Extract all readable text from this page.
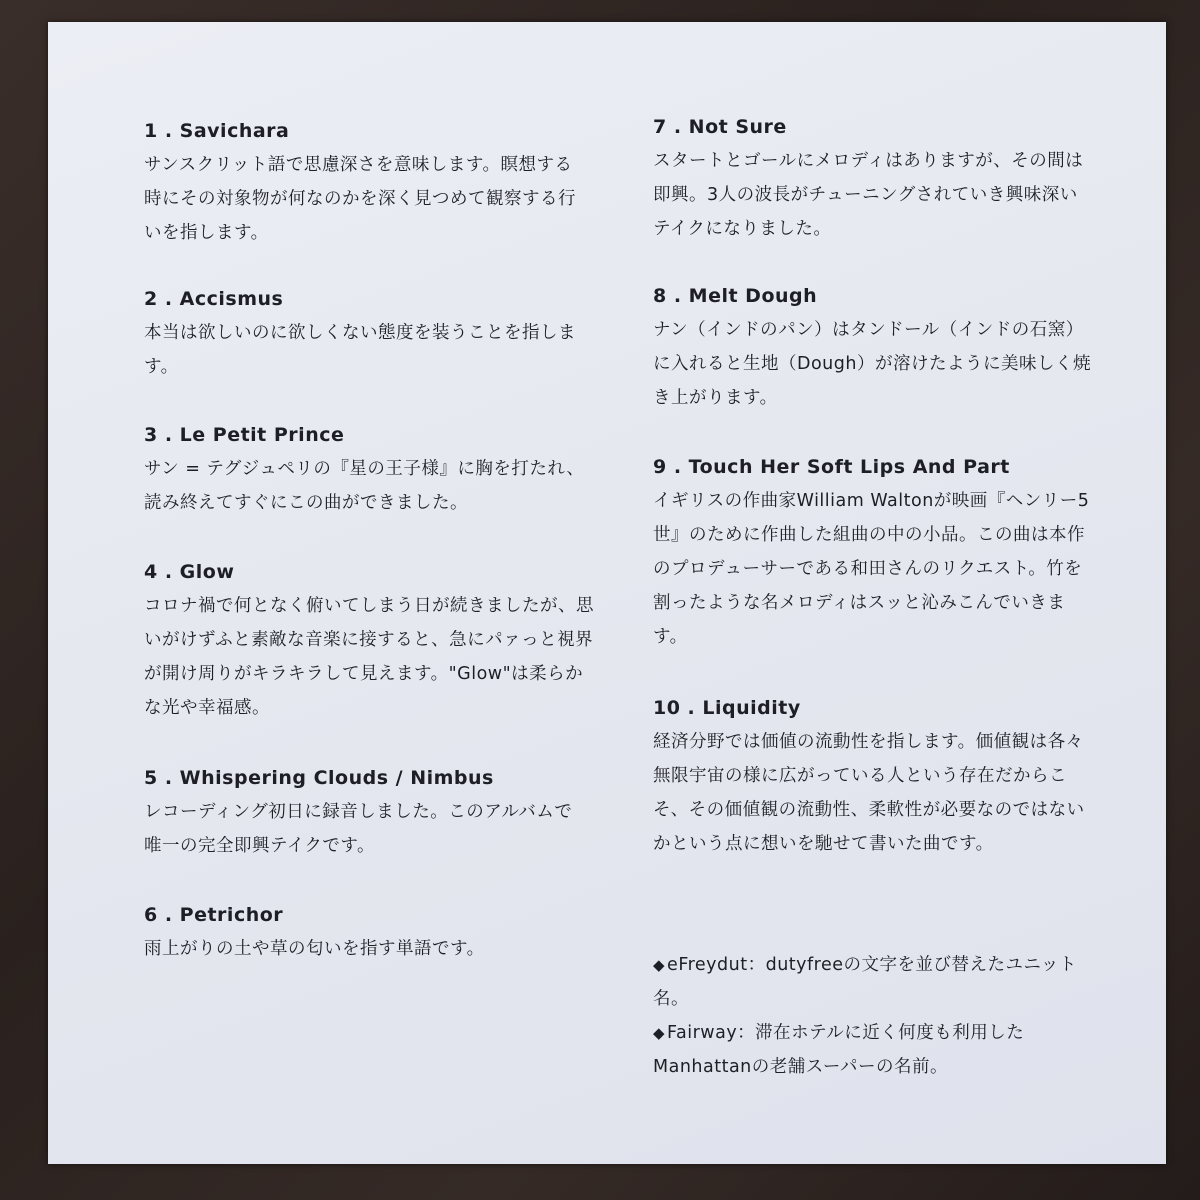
1 . Savichara

サンスクリット語で思慮深さを意味します。瞑想する時にその対象物が何なのかを深く見つめて観察する行いを指します。

2 . Accismus

本当は欲しいのに欲しくない態度を装うことを指します。

3 . Le Petit Prince

サン = テグジュペリの『星の王子様』に胸を打たれ、読み終えてすぐにこの曲ができました。

4 . Glow

コロナ禍で何となく俯いてしまう日が続きましたが、思いがけずふと素敵な音楽に接すると、急にパァっと視界が開け周りがキラキラして見えます。"Glow"は柔らかな光や幸福感。

5 . Whispering Clouds / Nimbus

レコーディング初日に録音しました。このアルバムで唯一の完全即興テイクです。

6 . Petrichor

雨上がりの土や草の匂いを指す単語です。

7 . Not Sure

スタートとゴールにメロディはありますが、その間は即興。3人の波長がチューニングされていき興味深いテイクになりました。

8 . Melt Dough

ナン（インドのパン）はタンドール（インドの石窯）に入れると生地（Dough）が溶けたように美味しく焼き上がります。

9 . Touch Her Soft Lips And Part

イギリスの作曲家William Waltonが映画『ヘンリー5世』のために作曲した組曲の中の小品。この曲は本作のプロデューサーである和田さんのリクエスト。竹を割ったような名メロディはスッと沁みこんでいきます。

10 . Liquidity

経済分野では価値の流動性を指します。価値観は各々無限宇宙の様に広がっている人という存在だからこそ、その価値観の流動性、柔軟性が必要なのではないかという点に想いを馳せて書いた曲です。

◆ eFreydut：dutyfreeの文字を並び替えたユニット名。

◆ Fairway：滞在ホテルに近く何度も利用したManhattanの老舗スーパーの名前。
